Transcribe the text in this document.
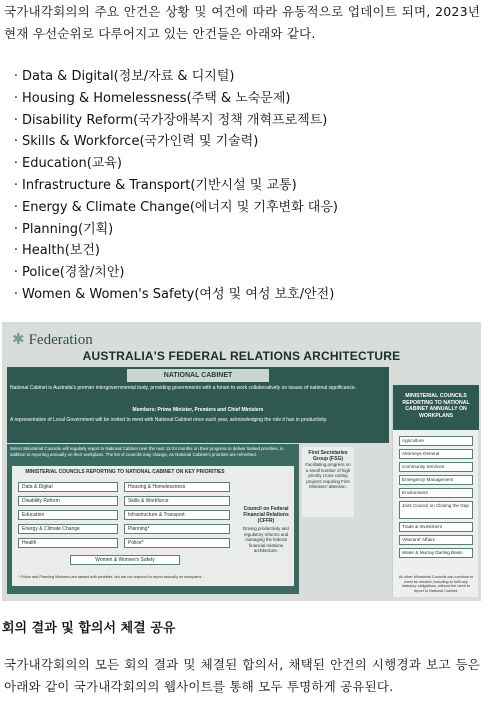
국가내각회의의 주요 안건은 상황 및 여건에 따라 유동적으로 업데이트 되며, 2023년 현재 우선순위로 다루어지고 있는 안건들은 아래와 같다.

· Data & Digital(정보/자료 & 디지털)
· Housing & Homelessness(주택 & 노숙문제)
· Disability Reform(국가장애복지 정책 개혁프로젝트)
· Skills & Workforce(국가인력 및 기술력)
· Education(교육)
· Infrastructure & Transport(기반시설 및 교통)
· Energy & Climate Change(에너지 및 기후변화 대응)
· Planning(기획)
· Health(보건)
· Police(경찰/치안)
· Women & Women's Safety(여성 및 여성 보호/안전)
✱ Federation
AUSTRALIA'S FEDERAL RELATIONS ARCHITECTURE
NATIONAL CABINET
National Cabinet is Australia's premier intergovernmental body, providing governments with a forum to work collaboratively on issues of national significance.
Members: Prime Minister, Premiers and Chief Ministers
A representative of Local Government will be invited to meet with National Cabinet once each year, acknowledging the role it has in productivity.
Select Ministerial Councils will regularly report to National Cabinet over the next 12-24 months on their progress to deliver tasked priorities, in addition to reporting annually on their workplans. The list of councils may change, as National Cabinet's priorities are refreshed.
MINISTERIAL COUNCILS REPORTING TO NATIONAL CABINET ON KEY PRIORITIES
Data & Digital
Disability Reform
Education
Energy & Climate Change
Health
Housing & Homelessness
Skills & Workforce
Infrastructure & Transport
Planning*
Police*
Women & Women's Safety
* Police and Planning Ministers are tasked with priorities, but are not required to report annually on workplans.
Council on Federal Financial Relations (CFFR)
Driving productivity and regulatory reforms and managing the federal financial relations architecture.
First Secretaries Group (FSG)
Facilitating progress on a small number of high priority cross-cutting projects requiring First Ministers' attention.
MINISTERIAL COUNCILS REPORTING TO NATIONAL CABINET ANNUALLY ON WORKPLANS
Agriculture
Attorneys-General
Community Services
Emergency Management
Environment
Joint Council on Closing the Gap
Trade & Investment
Veterans' Affairs
Water & Murray Darling Basin
All other Ministerial Councils can continue to meet as needed, including to fulfil any statutory obligations, without the need to report to National Cabinet.
회의 결과 및 합의서 체결 공유

국가내각회의의 모든 회의 결과 및 체결된 합의서, 채택된 안건의 시행경과 보고 등은 아래와 같이 국가내각회의의 웹사이트를 통해 모두 투명하게 공유된다.
